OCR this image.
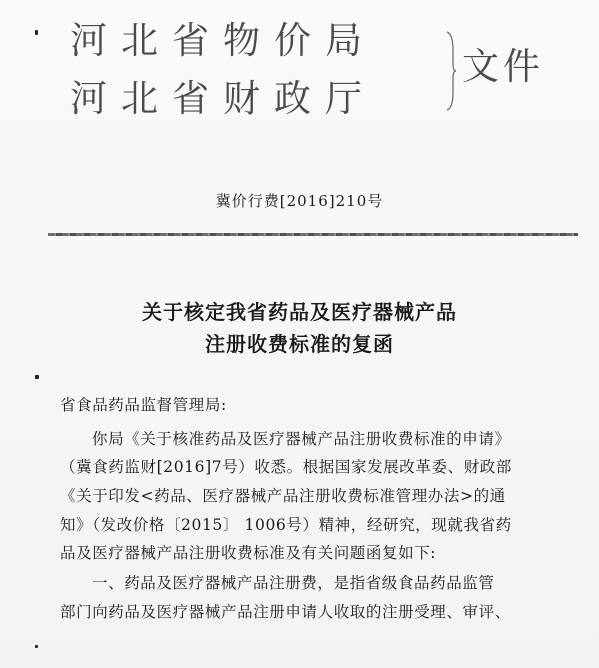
河北省物价局
河北省财政厅
文件
冀价行费[2016]210号
关于核定我省药品及医疗器械产品
注册收费标准的复函
省食品药品监督管理局:
你局《关于核准药品及医疗器械产品注册收费标准的申请》
（冀食药监财[2016]7号）收悉。根据国家发展改革委、财政部
《关于印发<药品、医疗器械产品注册收费标准管理办法>的通
知》（发改价格〔2015〕 1006号）精神，经研究，现就我省药
品及医疗器械产品注册收费标准及有关问题函复如下:
一、药品及医疗器械产品注册费，是指省级食品药品监管
部门向药品及医疗器械产品注册申请人收取的注册受理、审评、
